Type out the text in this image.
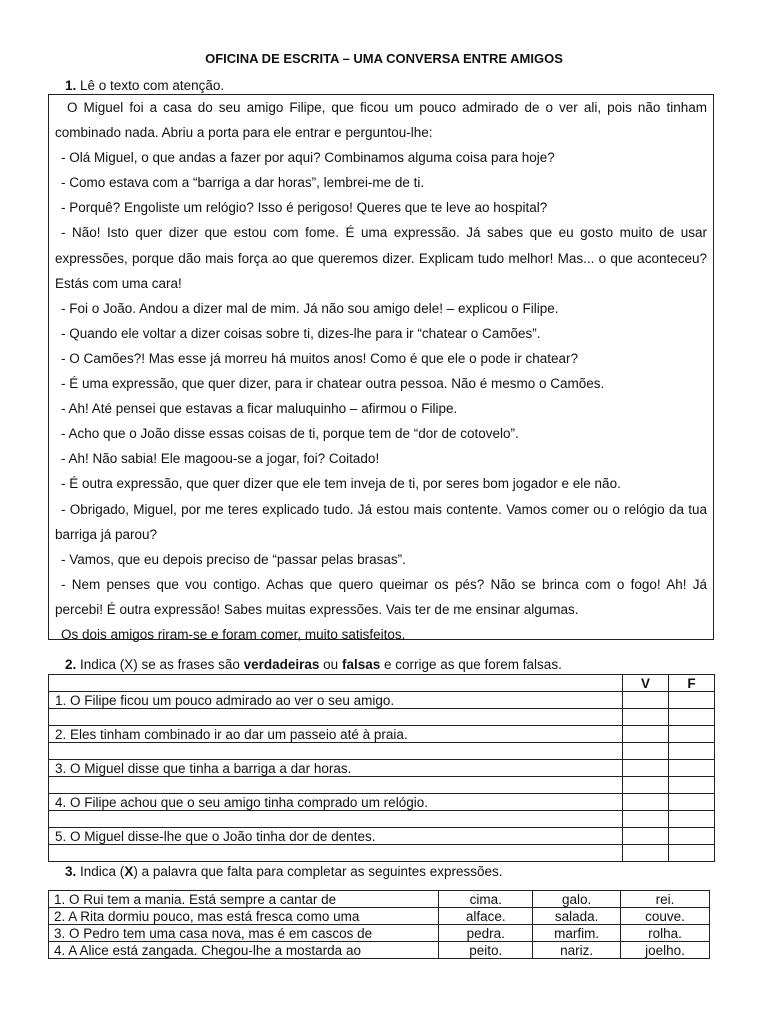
OFICINA DE ESCRITA – UMA CONVERSA ENTRE AMIGOS
1. Lê o texto com atenção.

O Miguel foi a casa do seu amigo Filipe, que ficou um pouco admirado de o ver ali, pois não tinham combinado nada. Abriu a porta para ele entrar e perguntou-lhe:

- Olá Miguel, o que andas a fazer por aqui? Combinamos alguma coisa para hoje?

- Como estava com a “barriga a dar horas”, lembrei-me de ti.

- Porquê? Engoliste um relógio? Isso é perigoso! Queres que te leve ao hospital?

- Não! Isto quer dizer que estou com fome. É uma expressão. Já sabes que eu gosto muito de usar expressões, porque dão mais força ao que queremos dizer. Explicam tudo melhor! Mas... o que aconteceu? Estás com uma cara!

- Foi o João. Andou a dizer mal de mim. Já não sou amigo dele! – explicou o Filipe.

- Quando ele voltar a dizer coisas sobre ti, dizes-lhe para ir “chatear o Camões”.

- O Camões?! Mas esse já morreu há muitos anos! Como é que ele o pode ir chatear?

- É uma expressão, que quer dizer, para ir chatear outra pessoa. Não é mesmo o Camões.

- Ah! Até pensei que estavas a ficar maluquinho – afirmou o Filipe.

- Acho que o João disse essas coisas de ti, porque tem de “dor de cotovelo”.

- Ah! Não sabia! Ele magoou-se a jogar, foi? Coitado!

- É outra expressão, que quer dizer que ele tem inveja de ti, por seres bom jogador e ele não.

- Obrigado, Miguel, por me teres explicado tudo. Já estou mais contente. Vamos comer ou o relógio da tua barriga já parou?

- Vamos, que eu depois preciso de “passar pelas brasas”.

- Nem penses que vou contigo. Achas que quero queimar os pés? Não se brinca com o fogo! Ah! Já percebi! É outra expressão! Sabes muitas expressões. Vais ter de me ensinar algumas.

Os dois amigos riram-se e foram comer, muito satisfeitos.

2. Indica (X) se as frases são verdadeiras ou falsas e corrige as que forem falsas.
	V	F
1. O Filipe ficou um pouco admirado ao ver o seu amigo.		

2. Eles tinham combinado ir ao dar um passeio até à praia.		

3. O Miguel disse que tinha a barriga a dar horas.		

4. O Filipe achou que o seu amigo tinha comprado um relógio.		

5. O Miguel disse-lhe que o João tinha dor de dentes.		

3. Indica (X) a palavra que falta para completar as seguintes expressões.
1. O Rui tem a mania. Está sempre a cantar de	cima.	galo.	rei.
2. A Rita dormiu pouco, mas está fresca como uma	alface.	salada.	couve.
3. O Pedro tem uma casa nova, mas é em cascos de	pedra.	marfim.	rolha.
4. A Alice está zangada. Chegou-lhe a mostarda ao	peito.	nariz.	joelho.
